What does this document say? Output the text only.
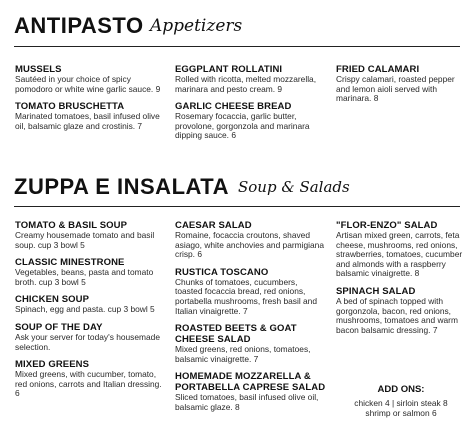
ANTIPASTO Appetizers
MUSSELS
Sautéed in your choice of spicy pomodoro or white wine garlic sauce. 9
TOMATO BRUSCHETTA
Marinated tomatoes, basil infused olive oil, balsamic glaze and crostinis. 7
EGGPLANT ROLLATINI
Rolled with ricotta, melted mozzarella, marinara and pesto cream. 9
GARLIC CHEESE BREAD
Rosemary focaccia, garlic butter, provolone, gorgonzola and marinara dipping sauce. 6
FRIED CALAMARI
Crispy calamari, roasted pepper and lemon aioli served with marinara. 8
ZUPPA E INSALATA Soup & Salads
TOMATO & BASIL SOUP
Creamy housemade tomato and basil soup. cup 3 bowl 5
CLASSIC MINESTRONE
Vegetables, beans, pasta and tomato broth. cup 3 bowl 5
CHICKEN SOUP
Spinach, egg and pasta. cup 3 bowl 5
SOUP OF THE DAY
Ask your server for today's housemade selection.
MIXED GREENS
Mixed greens, with cucumber, tomato, red onions, carrots and Italian dressing. 6
CAESAR SALAD
Romaine, focaccia croutons, shaved asiago, white anchovies and parmigiana crisp. 6
RUSTICA TOSCANO
Chunks of tomatoes, cucumbers, toasted focaccia bread, red onions, portabella mushrooms, fresh basil and Italian vinaigrette. 7
ROASTED BEETS & GOAT CHEESE SALAD
Mixed greens, red onions, tomatoes, balsamic vinaigrette. 7
HOMEMADE MOZZARELLA & PORTABELLA CAPRESE SALAD
Sliced tomatoes, basil infused olive oil, balsamic glaze. 8
"FLOR-ENZO" SALAD
Artisan mixed green, carrots, feta cheese, mushrooms, red onions, strawberries, tomatoes, cucumber and almonds with a raspberry balsamic vinaigrette. 8
SPINACH SALAD
A bed of spinach topped with gorgonzola, bacon, red onions, mushrooms, tomatoes and warm bacon balsamic dressing. 7
ADD ONS:
chicken 4 | sirloin steak 8
shrimp or salmon 6
